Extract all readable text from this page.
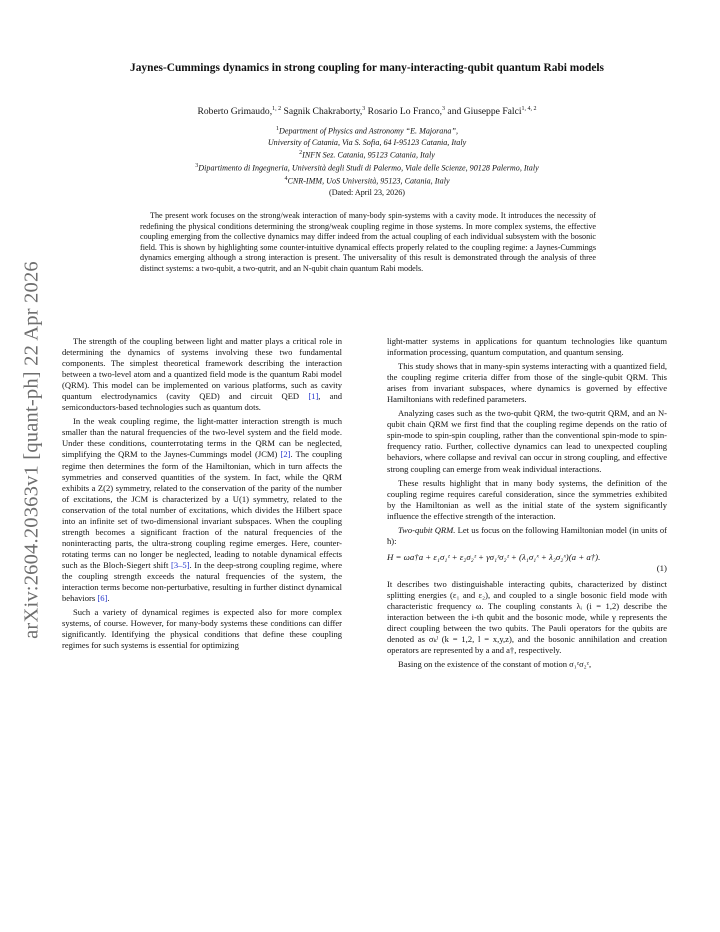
arXiv:2604.20363v1 [quant-ph] 22 Apr 2026
Jaynes-Cummings dynamics in strong coupling for many-interacting-qubit quantum Rabi models
Roberto Grimaudo,$^{1, 2}$ Sagnik Chakraborty,$^3$ Rosario Lo Franco,$^3$ and Giuseppe Falci$^{1, 4, 2}$
$^1$Department of Physics and Astronomy “E. Majorana”,
University of Catania, Via S. Sofia, 64 I-95123 Catania, Italy
$^2$INFN Sez. Catania, 95123 Catania, Italy
$^3$Dipartimento di Ingegneria, Università degli Studi di Palermo, Viale delle Scienze, 90128 Palermo, Italy
$^4$CNR-IMM, UoS Università, 95123, Catania, Italy
(Dated: April 23, 2026)
The present work focuses on the strong/weak interaction of many-body spin-systems with a cavity mode. It introduces the necessity of redefining the physical conditions determining the strong/weak coupling regime in those systems. In more complex systems, the effective coupling emerging from the collective dynamics may differ indeed from the actual coupling of each individual subsystem with the bosonic field. This is shown by highlighting some counter-intuitive dynamical effects properly related to the coupling regime: a Jaynes-Cummings dynamics emerging although a strong interaction is present. The universality of this result is demonstrated through the analysis of three distinct systems: a two-qubit, a two-qutrit, and an N-qubit chain quantum Rabi models.

The strength of the coupling between light and matter plays a critical role in determining the dynamics of systems involving these two fundamental components. The simplest theoretical framework describing the interaction between a two-level atom and a quantized field mode is the quantum Rabi model (QRM). This model can be implemented on various platforms, such as cavity quantum electrodynamics (cavity QED) and circuit QED [1], and semiconductors-based technologies such as quantum dots.

In the weak coupling regime, the light-matter interaction strength is much smaller than the natural frequencies of the two-level system and the field mode. Under these conditions, counterrotating terms in the QRM can be neglected, simplifying the QRM to the Jaynes-Cummings model (JCM) [2]. The coupling regime then determines the form of the Hamiltonian, which in turn affects the symmetries and conserved quantities of the system. In fact, while the QRM exhibits a Z(2) symmetry, related to the conservation of the parity of the number of excitations, the JCM is characterized by a U(1) symmetry, related to the conservation of the total number of excitations, which divides the Hilbert space into an infinite set of two-dimensional invariant subspaces. When the coupling strength becomes a significant fraction of the natural frequencies of the noninteracting parts, the ultra-strong coupling regime emerges. Here, counter-rotating terms can no longer be neglected, leading to notable dynamical effects such as the Bloch-Siegert shift [3–5]. In the deep-strong coupling regime, where the coupling strength exceeds the natural frequencies of the system, the interaction terms become non-perturbative, resulting in further distinct dynamical behaviors [6].

Such a variety of dynamical regimes is expected also for more complex systems, of course. However, for many-body systems these conditions can differ significantly. Identifying the physical conditions that define these coupling regimes for such systems is essential for optimizing

light-matter systems in applications for quantum technologies like quantum information processing, quantum computation, and quantum sensing.

This study shows that in many-spin systems interacting with a quantized field, the coupling regime criteria differ from those of the single-qubit QRM. This arises from invariant subspaces, where dynamics is governed by effective Hamiltonians with redefined parameters.

Analyzing cases such as the two-qubit QRM, the two-qutrit QRM, and an N-qubit chain QRM we first find that the coupling regime depends on the ratio of spin-mode to spin-spin coupling, rather than the conventional spin-mode to spin-frequency ratio. Further, collective dynamics can lead to unexpected coupling behaviors, where collapse and revival can occur in strong coupling, and effective strong coupling can emerge from weak individual interactions.

These results highlight that in many body systems, the definition of the coupling regime requires careful consideration, since the symmetries exhibited by the Hamiltonian as well as the initial state of the system significantly influence the effective strength of the interaction.

Two-qubit QRM. Let us focus on the following Hamiltonian model (in units of ħ):

H = ωa†a + ε₁σ₁ᶻ + ε₂σ₂ᶻ + γσ₁ᶻσ₂ᶻ + (λ₁σ₁ˣ + λ₂σ₂ˣ)(a + a†).
(1)

It describes two distinguishable interacting qubits, characterized by distinct splitting energies (ε₁ and ε₂), and coupled to a single bosonic field mode with characteristic frequency ω. The coupling constants λᵢ (i = 1,2) describe the interaction between the i-th qubit and the bosonic mode, while γ represents the direct coupling between the two qubits. The Pauli operators for the qubits are denoted as σₖˡ (k = 1,2, l = x,y,z), and the bosonic annihilation and creation operators are represented by a and a†, respectively.

Basing on the existence of the constant of motion σ₁ᶻσ₂ᶻ,
